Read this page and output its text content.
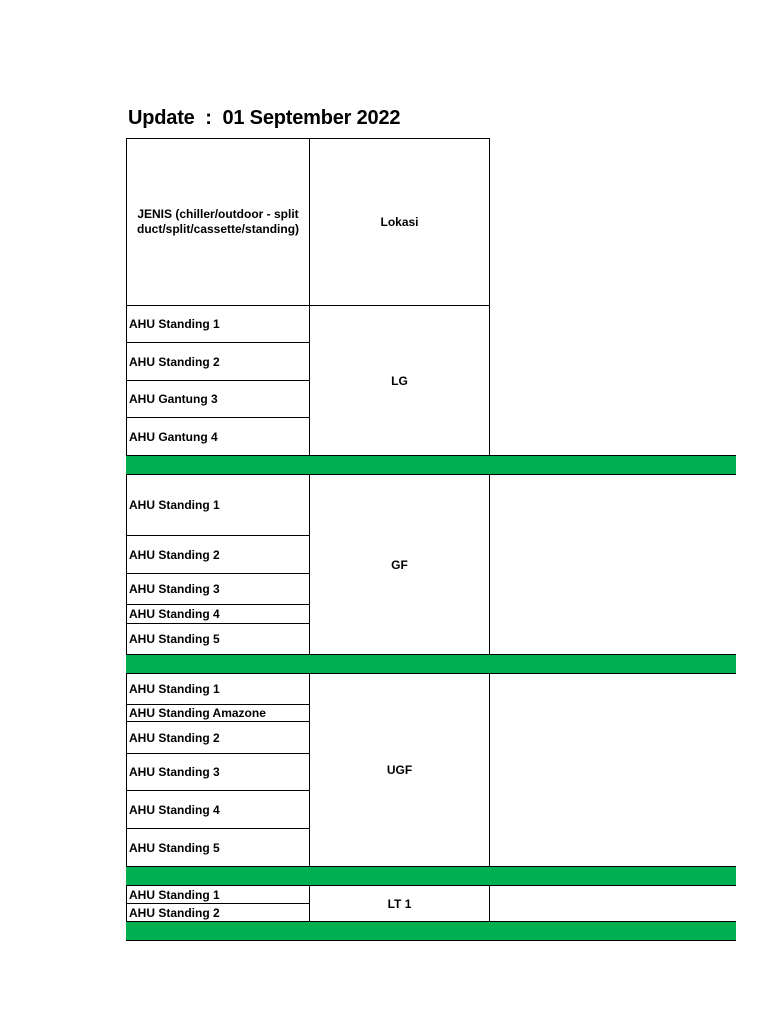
Update  :  01 September 2022
JENIS (chiller/outdoor - split duct/split/cassette/standing)
Lokasi
AHU Standing 1
AHU Standing 2
AHU Gantung 3
AHU Gantung 4
LG
AHU Standing 1
AHU Standing 2
AHU Standing 3
AHU Standing 4
AHU Standing 5
GF
AHU Standing 1
AHU Standing Amazone
AHU Standing 2
AHU Standing 3
AHU Standing 4
AHU Standing 5
UGF
AHU Standing 1
AHU Standing 2
LT 1
